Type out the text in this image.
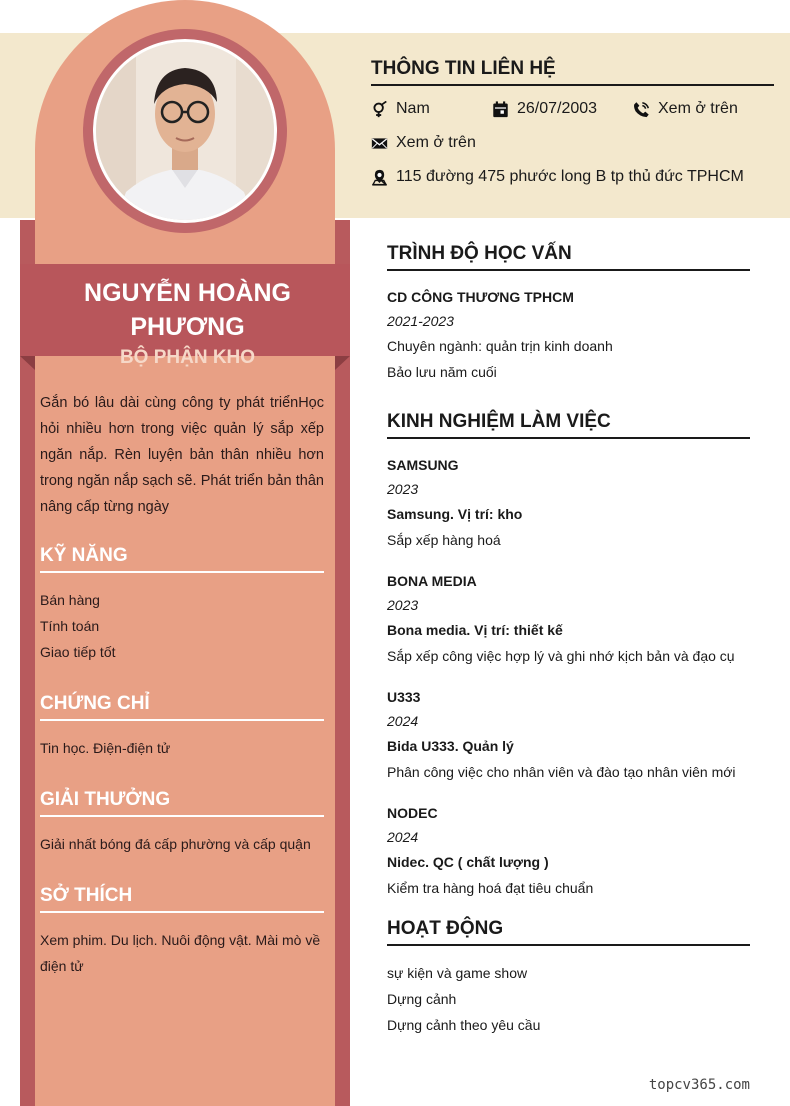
NGUYỄN HOÀNG PHƯƠNG
BỘ PHẬN KHO

Gắn bó lâu dài cùng công ty phát triểnHọc hỏi nhiều hơn trong việc quản lý sắp xếp ngăn nắp. Rèn luyện bản thân nhiều hơn trong ngăn nắp sạch sẽ. Phát triển bản thân nâng cấp từng ngày

KỸ NĂNG

Bán hàng

Tính toán

Giao tiếp tốt

CHỨNG CHỈ

Tin học. Điện-điện tử

GIẢI THƯỞNG

Giải nhất bóng đá cấp phường và cấp quận

SỞ THÍCH

Xem phim. Du lịch. Nuôi động vật. Mài mò về điện tử

THÔNG TIN LIÊN HỆ
Nam	26/07/2003	Xem ở trên
Xem ở trên
115 đường 475 phước long B tp thủ đức TPHCM
TRÌNH ĐỘ HỌC VẤN
CD CÔNG THƯƠNG TPHCM
2021-2023
Chuyên ngành: quản trịn kinh doanh
Bảo lưu năm cuối
KINH NGHIỆM LÀM VIỆC
SAMSUNG
2023
Samsung. Vị trí: kho
Sắp xếp hàng hoá
BONA MEDIA
2023
Bona media. Vị trí: thiết kế
Sắp xếp công việc hợp lý và ghi nhớ kịch bản và đạo cụ
U333
2024
Bida U333. Quản lý
Phân công việc cho nhân viên và đào tạo nhân viên mới
NODEC
2024
Nidec. QC ( chất lượng )
Kiểm tra hàng hoá đạt tiêu chuẩn
HOẠT ĐỘNG

sự kiện và game show

Dựng cảnh

Dựng cảnh theo yêu cầu

topcv365.com
